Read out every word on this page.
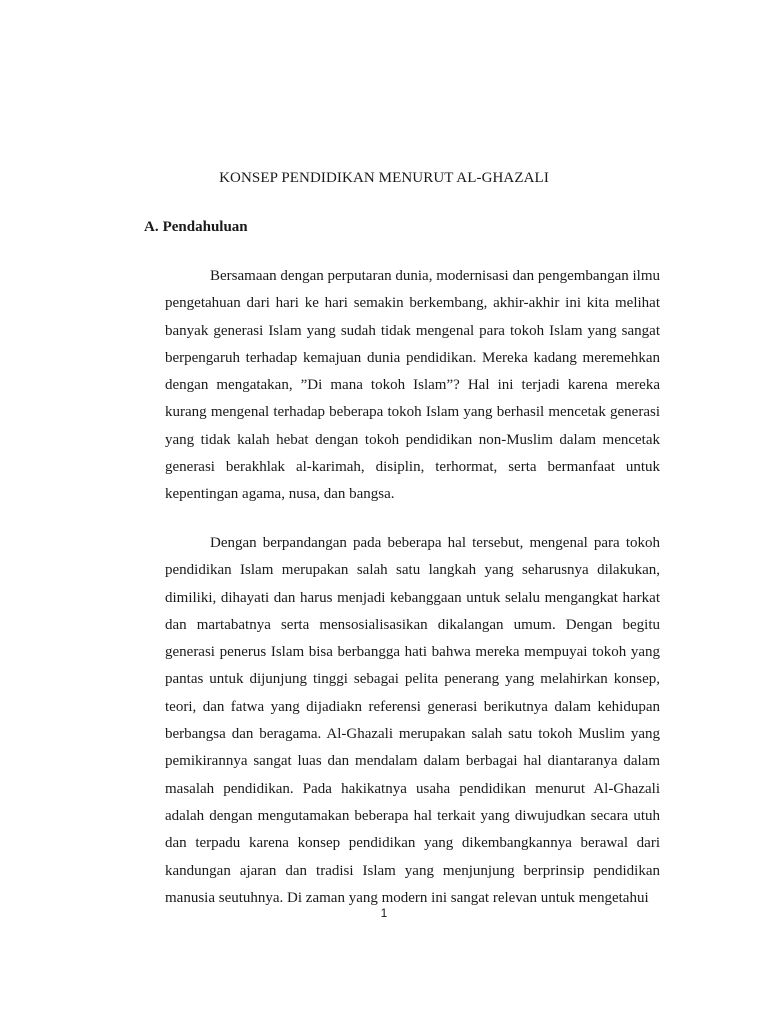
KONSEP PENDIDIKAN MENURUT AL-GHAZALI
A. Pendahuluan

Bersamaan dengan perputaran dunia, modernisasi dan pengembangan ilmu pengetahuan dari hari ke hari semakin berkembang, akhir-akhir ini kita melihat banyak generasi Islam yang sudah tidak mengenal para tokoh Islam yang sangat berpengaruh terhadap kemajuan dunia pendidikan. Mereka kadang meremehkan dengan mengatakan, ”Di mana tokoh Islam”? Hal ini terjadi karena mereka kurang mengenal terhadap beberapa tokoh Islam yang berhasil mencetak generasi yang tidak kalah hebat dengan tokoh pendidikan non-Muslim dalam mencetak generasi berakhlak al-karimah, disiplin, terhormat, serta bermanfaat untuk kepentingan agama, nusa, dan bangsa.

Dengan berpandangan pada beberapa hal tersebut, mengenal para tokoh pendidikan Islam merupakan salah satu langkah yang seharusnya dilakukan, dimiliki, dihayati dan harus menjadi kebanggaan untuk selalu mengangkat harkat dan martabatnya serta mensosialisasikan dikalangan umum. Dengan begitu generasi penerus Islam bisa berbangga hati bahwa mereka mempuyai tokoh yang pantas untuk dijunjung tinggi sebagai pelita penerang yang melahirkan konsep, teori, dan fatwa yang dijadiakn referensi generasi berikutnya dalam kehidupan berbangsa dan beragama. Al-Ghazali merupakan salah satu tokoh Muslim yang pemikirannya sangat luas dan mendalam dalam berbagai hal diantaranya dalam masalah pendidikan. Pada hakikatnya usaha pendidikan menurut Al-Ghazali adalah dengan mengutamakan beberapa hal terkait yang diwujudkan secara utuh dan terpadu karena konsep pendidikan yang dikembangkannya berawal dari kandungan ajaran dan tradisi Islam yang menjunjung berprinsip pendidikan manusia seutuhnya. Di zaman yang modern ini sangat relevan untuk mengetahui

1
